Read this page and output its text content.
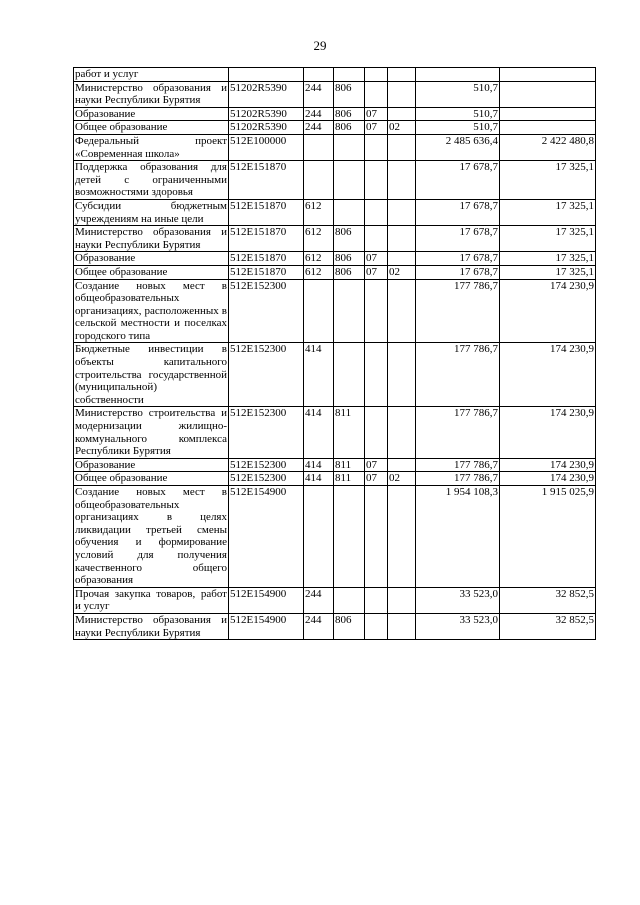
29
работ и услуг							
Министерство образования и науки Республики Бурятия	51202R5390	244	806			510,7	
Образование	51202R5390	244	806	07		510,7	
Общее образование	51202R5390	244	806	07	02	510,7	
Федеральный проект «Современная школа»	512E100000					2 485 636,4	2 422 480,8
Поддержка образования для детей с ограниченными возможностями здоровья	512E151870					17 678,7	17 325,1
Субсидии бюджетным учреждениям на иные цели	512E151870	612				17 678,7	17 325,1
Министерство образования и науки Республики Бурятия	512E151870	612	806			17 678,7	17 325,1
Образование	512E151870	612	806	07		17 678,7	17 325,1
Общее образование	512E151870	612	806	07	02	17 678,7	17 325,1
Создание новых мест в общеобразовательных организациях, расположенных в сельской местности и поселках городского типа	512E152300					177 786,7	174 230,9
Бюджетные инвестиции в объекты капитального строительства государственной (муниципальной) собственности	512E152300	414				177 786,7	174 230,9
Министерство строительства и модернизации жилищно-коммунального комплекса Республики Бурятия	512E152300	414	811			177 786,7	174 230,9
Образование	512E152300	414	811	07		177 786,7	174 230,9
Общее образование	512E152300	414	811	07	02	177 786,7	174 230,9
Создание новых мест в общеобразовательных организациях в целях ликвидации третьей смены обучения и формирование условий для получения качественного общего образования	512E154900					1 954 108,3	1 915 025,9
Прочая закупка товаров, работ и услуг	512E154900	244				33 523,0	32 852,5
Министерство образования и науки Республики Бурятия	512E154900	244	806			33 523,0	32 852,5
